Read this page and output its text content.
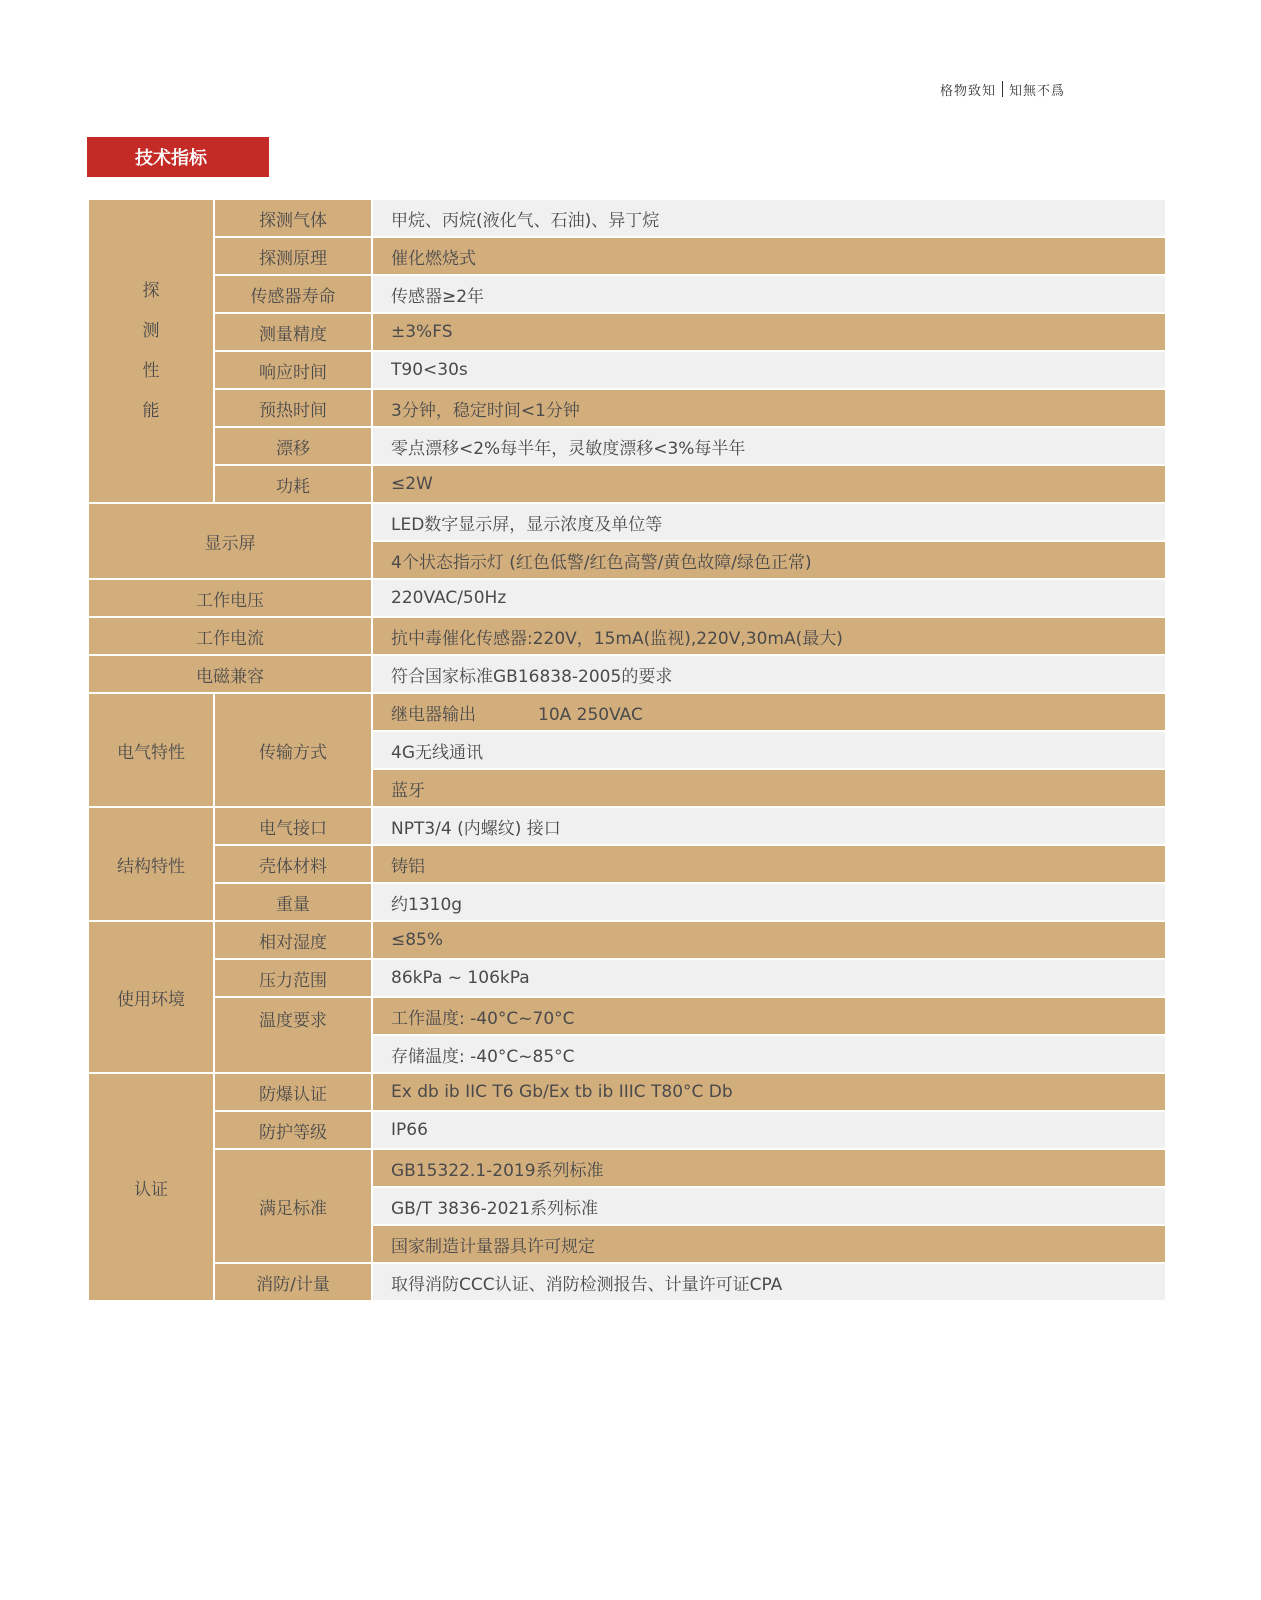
格物致知 知無不爲
技术指标
探
测
性
能	探测气体	甲烷、丙烷(液化气、石油)、异丁烷
	探测原理	催化燃烧式
	传感器寿命	传感器≥2年
	测量精度	±3%FS
	响应时间	T90<30s
	预热时间	3分钟，稳定时间<1分钟
	漂移	零点漂移<2%每半年，灵敏度漂移<3%每半年
	功耗	≤2W
显示屏		LED数字显示屏，显示浓度及单位等
		4个状态指示灯 (红色低警/红色高警/黄色故障/绿色正常)
工作电压		220VAC/50Hz
工作电流		抗中毒催化传感器:220V，15mA(监视),220V,30mA(最大)
电磁兼容		符合国家标准GB16838-2005的要求
电气特性	传输方式	继电器输出 10A 250VAC
		4G无线通讯
		蓝牙
结构特性	电气接口	NPT3/4 (内螺纹) 接口
	壳体材料	铸铝
	重量	约1310g
使用环境	相对湿度	≤85%
	压力范围	86kPa ~ 106kPa
	温度要求	工作温度: -40°C~70°C
		存储温度: -40°C~85°C
认证	防爆认证	Ex db ib IIC T6 Gb/Ex tb ib IIIC T80°C Db
	防护等级	IP66
	满足标准	GB15322.1-2019系列标准
		GB/T 3836-2021系列标准
		国家制造计量器具许可规定
	消防/计量	取得消防CCC认证、消防检测报告、计量许可证CPA
